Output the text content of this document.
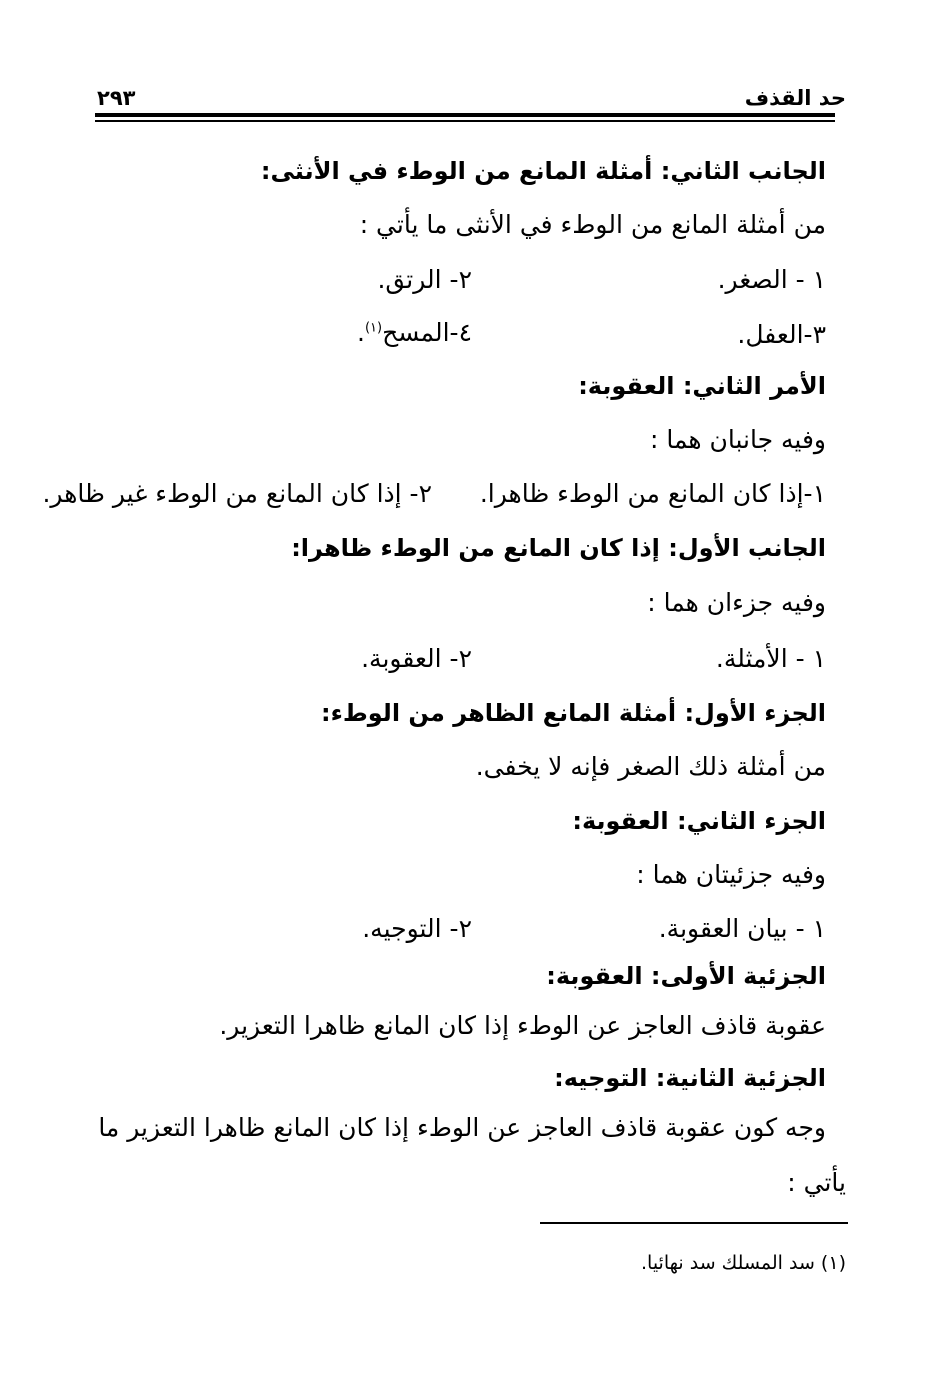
حد القذف
٢٩٣
الجانب الثاني: أمثلة المانع من الوطء في الأنثى:
من أمثلة المانع من الوطء في الأنثى ما يأتي :
١ - الصغر.
٢- الرتق.
٣-العفل.
٤-المسح$^{(١)}$.
الأمر الثاني: العقوبة:
وفيه جانبان هما :
١-إذا كان المانع من الوطء ظاهرا.
٢- إذا كان المانع من الوطء غير ظاهر.
الجانب الأول: إذا كان المانع من الوطء ظاهرا:
وفيه جزءان هما :
١ - الأمثلة.
٢- العقوبة.
الجزء الأول: أمثلة المانع الظاهر من الوطء:
من أمثلة ذلك الصغر فإنه لا يخفى.
الجزء الثاني: العقوبة:
وفيه جزئيتان هما :
١ - بيان العقوبة.
٢- التوجيه.
الجزئية الأولى: العقوبة:
عقوبة قاذف العاجز عن الوطء إذا كان المانع ظاهرا التعزير.
الجزئية الثانية: التوجيه:
وجه كون عقوبة قاذف العاجز عن الوطء إذا كان المانع ظاهرا التعزير ما
يأتي :
(١) سد المسلك سد نهائيا.
